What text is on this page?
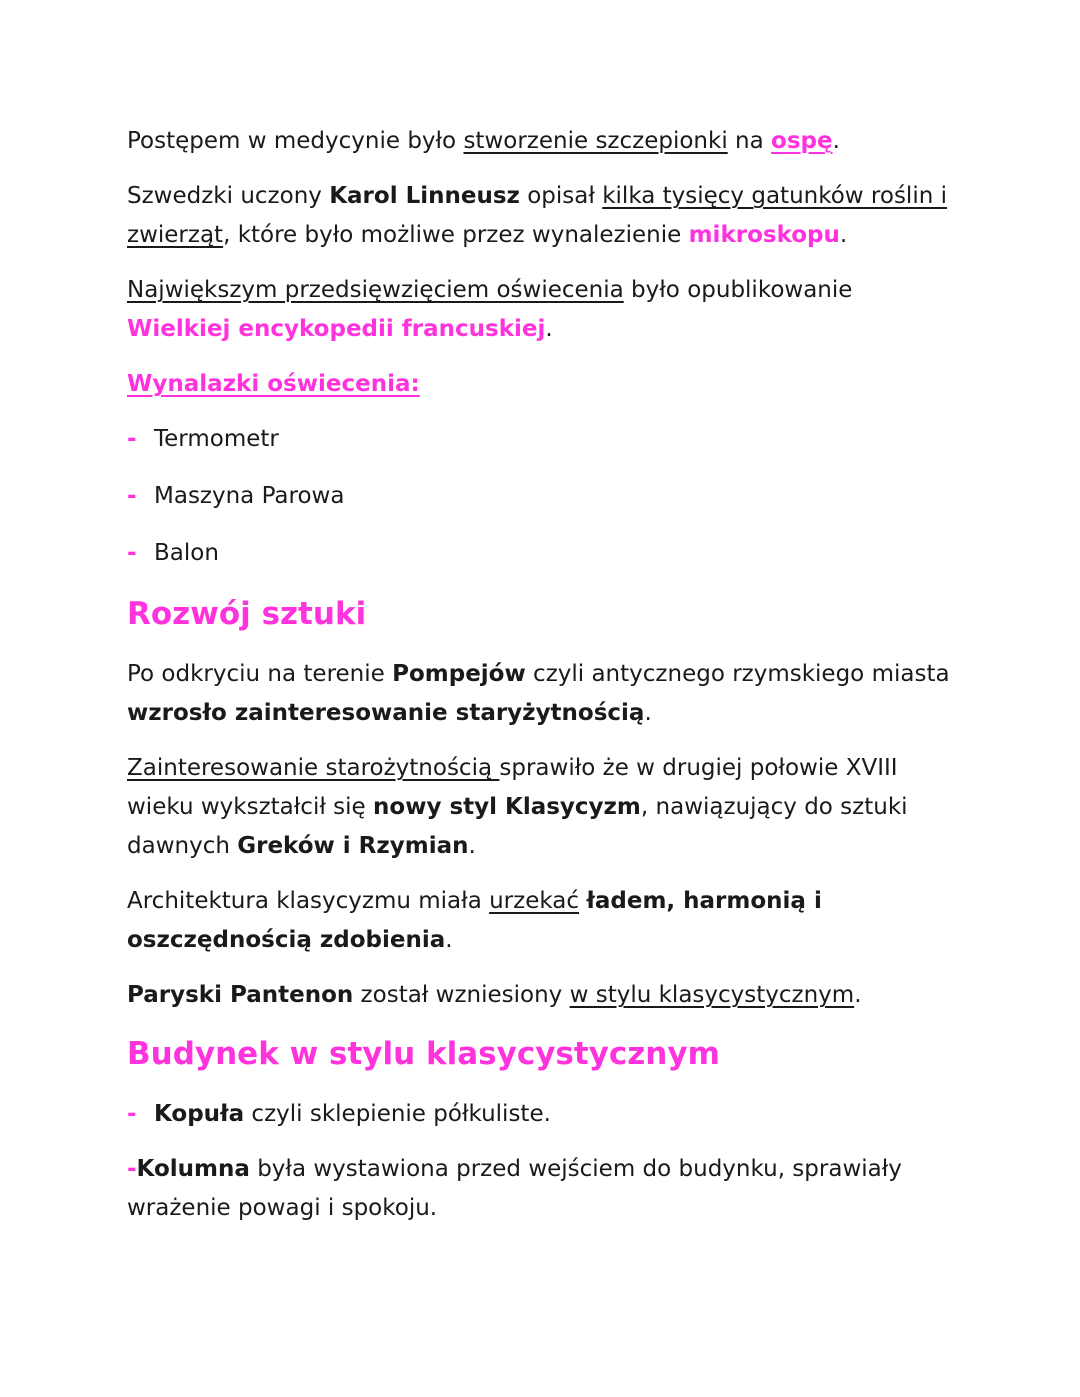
Postępem w medycynie było stworzenie szczepionki na ospę.

Szwedzki uczony Karol Linneusz opisał kilka tysięcy gatunków roślin i zwierząt, które było możliwe przez wynalezienie mikroskopu.

Największym przedsięwzięciem oświecenia było opublikowanie Wielkiej encykopedii francuskiej.

Wynalazki oświecenia:

- Termometr
- Maszyna Parowa
- Balon
Rozwój sztuki

Po odkryciu na terenie Pompejów czyli antycznego rzymskiego miasta wzrosło zainteresowanie staryżytnością.

Zainteresowanie starożytnością sprawiło że w drugiej połowie XVIII wieku wykształcił się nowy styl Klasycyzm, nawiązujący do sztuki dawnych Greków i Rzymian.

Architektura klasycyzmu miała urzekać ładem, harmonią i oszczędnością zdobienia.

Paryski Pantenon został wzniesiony w stylu klasycystycznym.

Budynek w stylu klasycystycznym

- Kopuła czyli sklepienie półkuliste.

-Kolumna była wystawiona przed wejściem do budynku, sprawiały wrażenie powagi i spokoju.
